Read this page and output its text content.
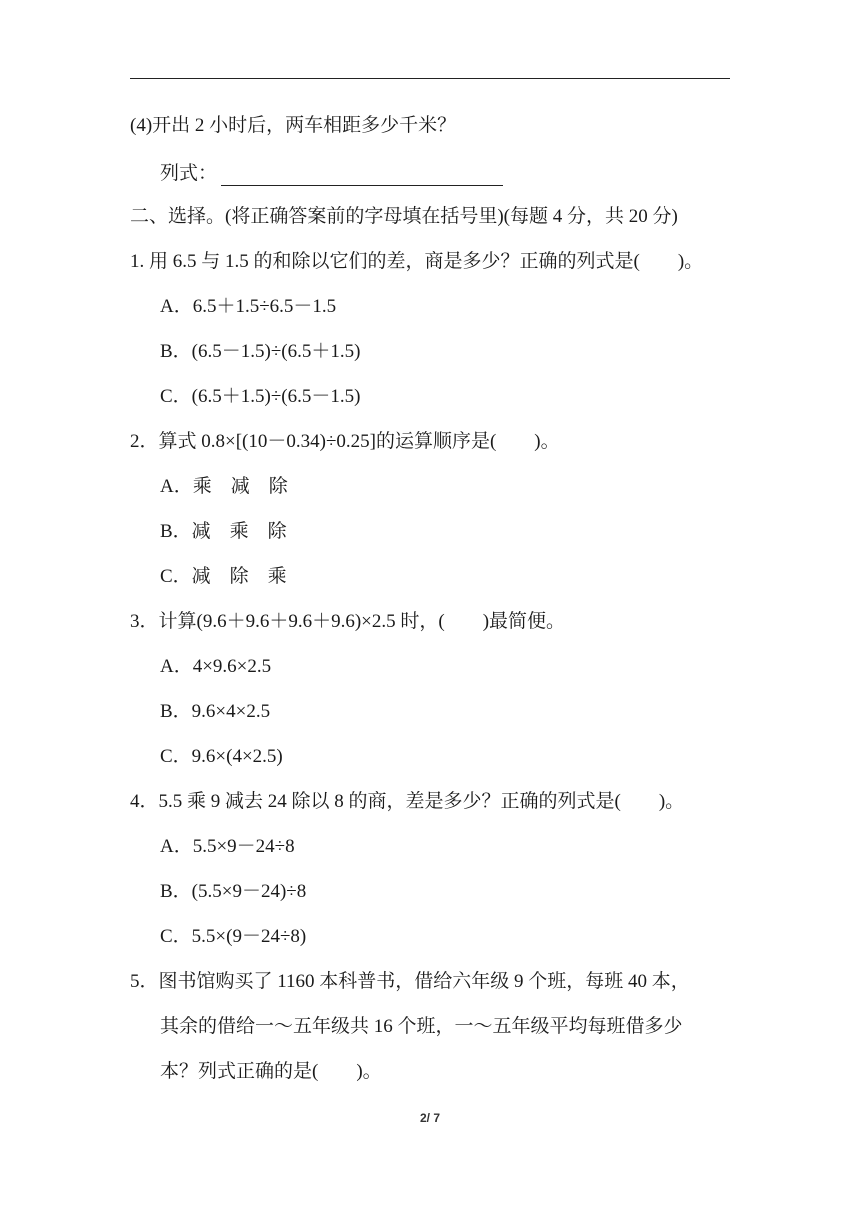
(4)开出 2 小时后，两车相距多少千米？
列式：
二、选择。(将正确答案前的字母填在括号里)(每题 4 分，共 20 分)
1. 用 6.5 与 1.5 的和除以它们的差，商是多少？正确的列式是(　　)。
A．6.5＋1.5÷6.5－1.5
B．(6.5－1.5)÷(6.5＋1.5)
C．(6.5＋1.5)÷(6.5－1.5)
2．算式 0.8×[(10－0.34)÷0.25]的运算顺序是(　　)。
A．乘　减　除
B．减　乘　除
C．减　除　乘
3．计算(9.6＋9.6＋9.6＋9.6)×2.5 时，(　　)最简便。
A．4×9.6×2.5
B．9.6×4×2.5
C．9.6×(4×2.5)
4．5.5 乘 9 减去 24 除以 8 的商，差是多少？正确的列式是(　　)。
A．5.5×9－24÷8
B．(5.5×9－24)÷8
C．5.5×(9－24÷8)
5．图书馆购买了 1160 本科普书，借给六年级 9 个班，每班 40 本，
其余的借给一～五年级共 16 个班，一～五年级平均每班借多少
本？列式正确的是(　　)。
2/ 7
